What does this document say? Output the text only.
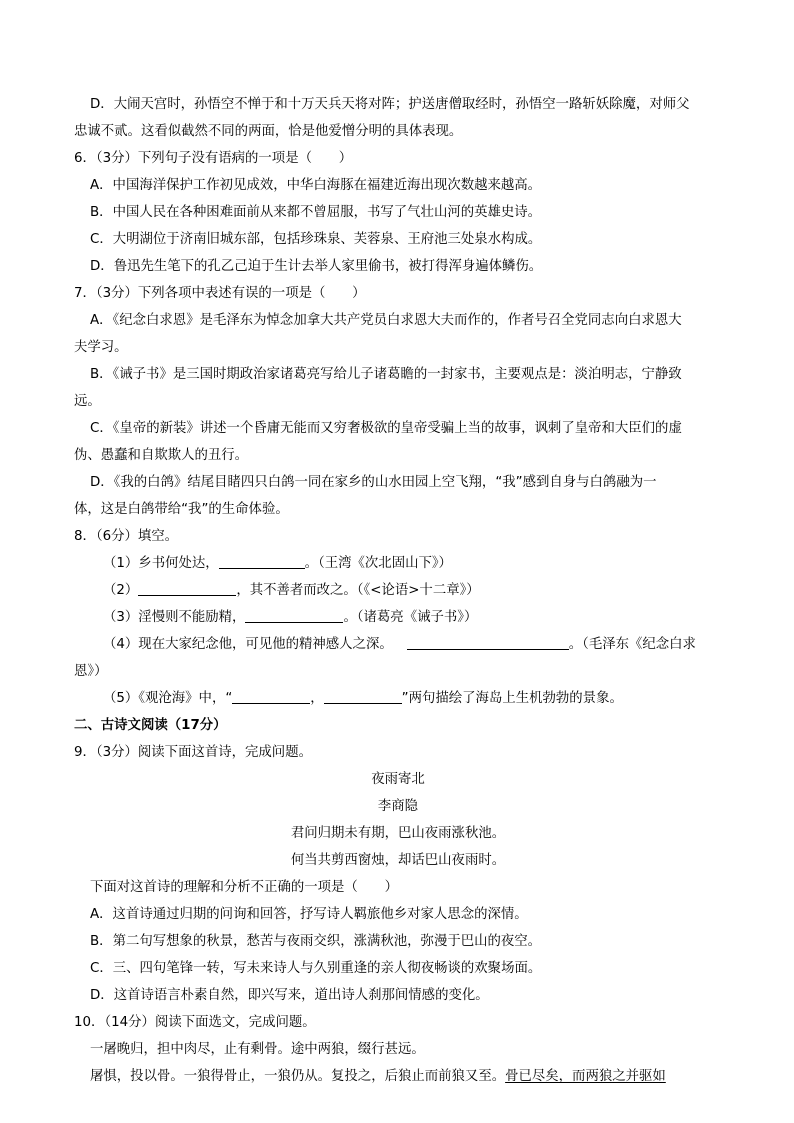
D．大闹天宫时，孙悟空不惮于和十万天兵天将对阵；护送唐僧取经时，孙悟空一路斩妖除魔，对师父
忠诚不贰。这看似截然不同的两面，恰是他爱憎分明的具体表现。
6．（3分）下列句子没有语病的一项是（　　）
A．中国海洋保护工作初见成效，中华白海豚在福建近海出现次数越来越高。
B．中国人民在各种困难面前从来都不曾屈服，书写了气壮山河的英雄史诗。
C．大明湖位于济南旧城东部，包括珍珠泉、芙蓉泉、王府池三处泉水构成。
D．鲁迅先生笔下的孔乙己迫于生计去举人家里偷书，被打得浑身遍体鳞伤。
7．（3分）下列各项中表述有误的一项是（　　）
A．《纪念白求恩》是毛泽东为悼念加拿大共产党员白求恩大夫而作的，作者号召全党同志向白求恩大
夫学习。
B．《诫子书》是三国时期政治家诸葛亮写给儿子诸葛瞻的一封家书，主要观点是：淡泊明志，宁静致
远。
C．《皇帝的新装》讲述一个昏庸无能而又穷奢极欲的皇帝受骗上当的故事，讽刺了皇帝和大臣们的虚
伪、愚蠢和自欺欺人的丑行。
D．《我的白鸽》结尾目睹四只白鸽一同在家乡的山水田园上空飞翔，“我”感到自身与白鸽融为一
体，这是白鸽带给“我”的生命体验。
8．（6分）填空。
（1）乡书何处达，	。（王湾《次北固山下》）
（2）	，其不善者而改之。（《<论语>十二章》）
（3）淫慢则不能励精，	。（诸葛亮《诫子书》）
（4）现在大家纪念他，可见他的精神感人之深。	。（毛泽东《纪念白求
恩》）
（5）《观沧海》中，“	，	”两句描绘了海岛上生机勃勃的景象。
二、古诗文阅读（17分）
9．（3分）阅读下面这首诗，完成问题。
夜雨寄北
李商隐
君问归期未有期，巴山夜雨涨秋池。
何当共剪西窗烛，却话巴山夜雨时。
下面对这首诗的理解和分析不正确的一项是（　　）
A．这首诗通过归期的问询和回答，抒写诗人羁旅他乡对家人思念的深情。
B．第二句写想象的秋景，愁苦与夜雨交织，涨满秋池，弥漫于巴山的夜空。
C．三、四句笔锋一转，写未来诗人与久别重逢的亲人彻夜畅谈的欢聚场面。
D．这首诗语言朴素自然，即兴写来，道出诗人刹那间情感的变化。
10．（14分）阅读下面选文，完成问题。
一屠晚归，担中肉尽，止有剩骨。途中两狼，缀行甚远。
屠惧，投以骨。一狼得骨止，一狼仍从。复投之，后狼止而前狼又至。骨已尽矣，而两狼之并驱如
